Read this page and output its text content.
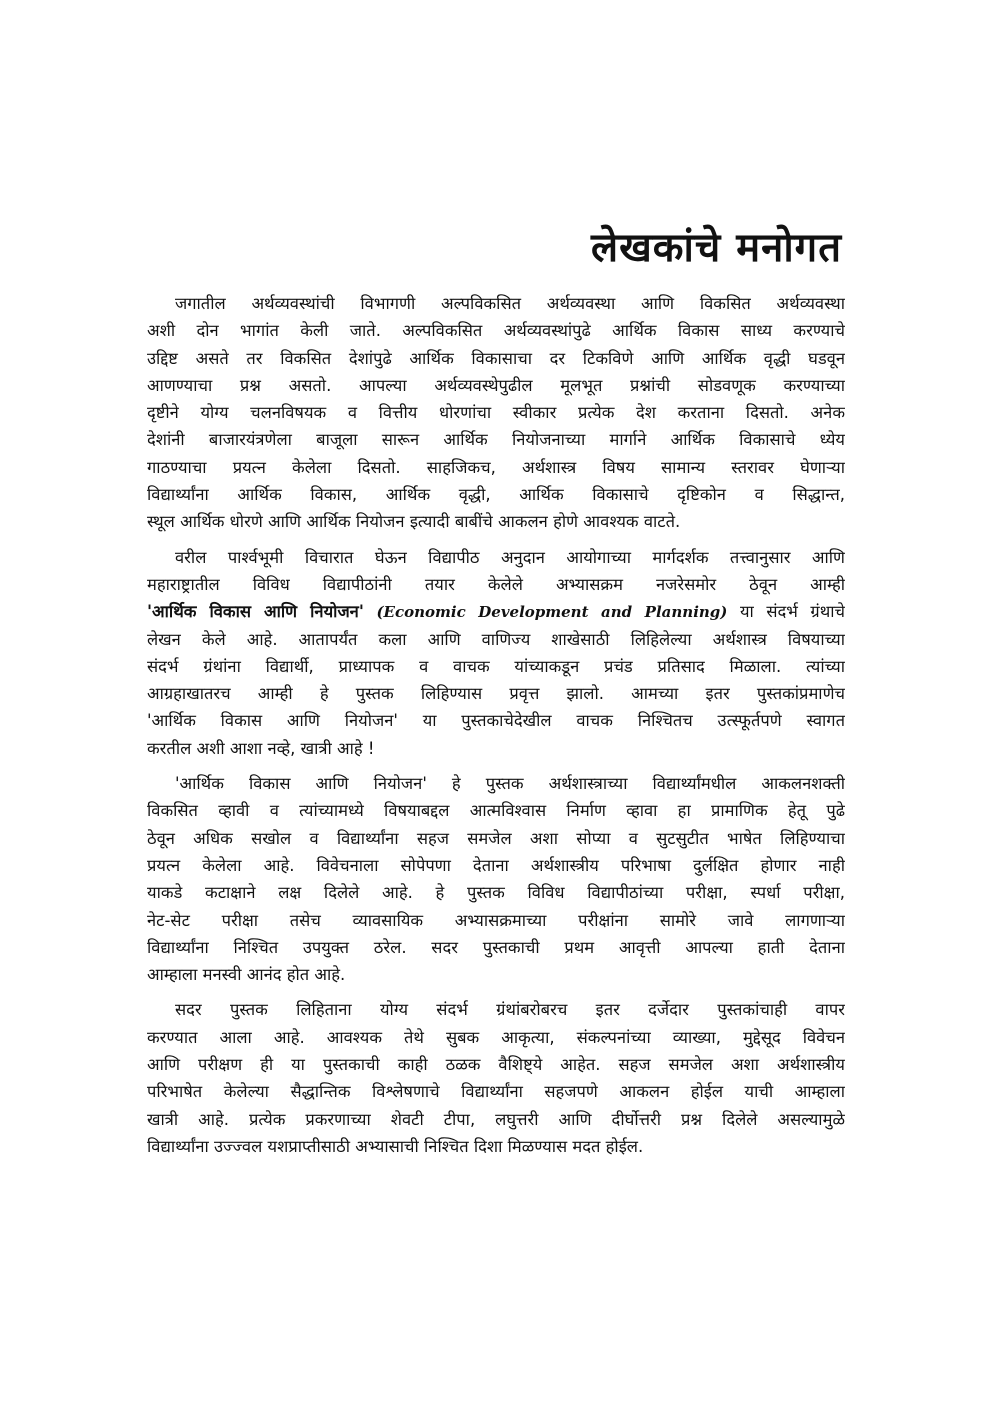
लेखकांचे मनोगत
जगातील अर्थव्यवस्थांची विभागणी अल्पविकसित अर्थव्यवस्था आणि विकसित अर्थव्यवस्था
अशी दोन भागांत केली जाते. अल्पविकसित अर्थव्यवस्थांपुढे आर्थिक विकास साध्य करण्याचे
उद्दिष्ट असते तर विकसित देशांपुढे आर्थिक विकासाचा दर टिकविणे आणि आर्थिक वृद्धी घडवून
आणण्याचा प्रश्न असतो. आपल्या अर्थव्यवस्थेपुढील मूलभूत प्रश्नांची सोडवणूक करण्याच्या
दृष्टीने योग्य चलनविषयक व वित्तीय धोरणांचा स्वीकार प्रत्येक देश करताना दिसतो. अनेक
देशांनी बाजारयंत्रणेला बाजूला सारून आर्थिक नियोजनाच्या मार्गाने आर्थिक विकासाचे ध्येय
गाठण्याचा प्रयत्न केलेला दिसतो. साहजिकच, अर्थशास्त्र विषय सामान्य स्तरावर घेणाऱ्या
विद्यार्थ्यांना आर्थिक विकास, आर्थिक वृद्धी, आर्थिक विकासाचे दृष्टिकोन व सिद्धान्त,
स्थूल आर्थिक धोरणे आणि आर्थिक नियोजन इत्यादी बाबींचे आकलन होणे आवश्यक वाटते.
वरील पार्श्वभूमी विचारात घेऊन विद्यापीठ अनुदान आयोगाच्या मार्गदर्शक तत्त्वानुसार आणि
महाराष्ट्रातील विविध विद्यापीठांनी तयार केलेले अभ्यासक्रम नजरेसमोर ठेवून आम्ही
'आर्थिक विकास आणि नियोजन' (Economic Development and Planning) या संदर्भ ग्रंथाचे
लेखन केले आहे. आतापर्यंत कला आणि वाणिज्य शाखेसाठी लिहिलेल्या अर्थशास्त्र विषयाच्या
संदर्भ ग्रंथांना विद्यार्थी, प्राध्यापक व वाचक यांच्याकडून प्रचंड प्रतिसाद मिळाला. त्यांच्या
आग्रहाखातरच आम्ही हे पुस्तक लिहिण्यास प्रवृत्त झालो. आमच्या इतर पुस्तकांप्रमाणेच
'आर्थिक विकास आणि नियोजन' या पुस्तकाचेदेखील वाचक निश्चितच उत्स्फूर्तपणे स्वागत
करतील अशी आशा नव्हे, खात्री आहे !
'आर्थिक विकास आणि नियोजन' हे पुस्तक अर्थशास्त्राच्या विद्यार्थ्यांमधील आकलनशक्ती
विकसित व्हावी व त्यांच्यामध्ये विषयाबद्दल आत्मविश्वास निर्माण व्हावा हा प्रामाणिक हेतू पुढे
ठेवून अधिक सखोल व विद्यार्थ्यांना सहज समजेल अशा सोप्या व सुटसुटीत भाषेत लिहिण्याचा
प्रयत्न केलेला आहे. विवेचनाला सोपेपणा देताना अर्थशास्त्रीय परिभाषा दुर्लक्षित होणार नाही
याकडे कटाक्षाने लक्ष दिलेले आहे. हे पुस्तक विविध विद्यापीठांच्या परीक्षा, स्पर्धा परीक्षा,
नेट-सेट परीक्षा तसेच व्यावसायिक अभ्यासक्रमाच्या परीक्षांना सामोरे जावे लागणाऱ्या
विद्यार्थ्यांना निश्चित उपयुक्त ठरेल. सदर पुस्तकाची प्रथम आवृत्ती आपल्या हाती देताना
आम्हाला मनस्वी आनंद होत आहे.
सदर पुस्तक लिहिताना योग्य संदर्भ ग्रंथांबरोबरच इतर दर्जेदार पुस्तकांचाही वापर
करण्यात आला आहे. आवश्यक तेथे सुबक आकृत्या, संकल्पनांच्या व्याख्या, मुद्देसूद विवेचन
आणि परीक्षण ही या पुस्तकाची काही ठळक वैशिष्ट्ये आहेत. सहज समजेल अशा अर्थशास्त्रीय
परिभाषेत केलेल्या सैद्धान्तिक विश्लेषणाचे विद्यार्थ्यांना सहजपणे आकलन होईल याची आम्हाला
खात्री आहे. प्रत्येक प्रकरणाच्या शेवटी टीपा, लघुत्तरी आणि दीर्घोत्तरी प्रश्न दिलेले असल्यामुळे
विद्यार्थ्यांना उज्ज्वल यशप्राप्तीसाठी अभ्यासाची निश्चित दिशा मिळण्यास मदत होईल.
